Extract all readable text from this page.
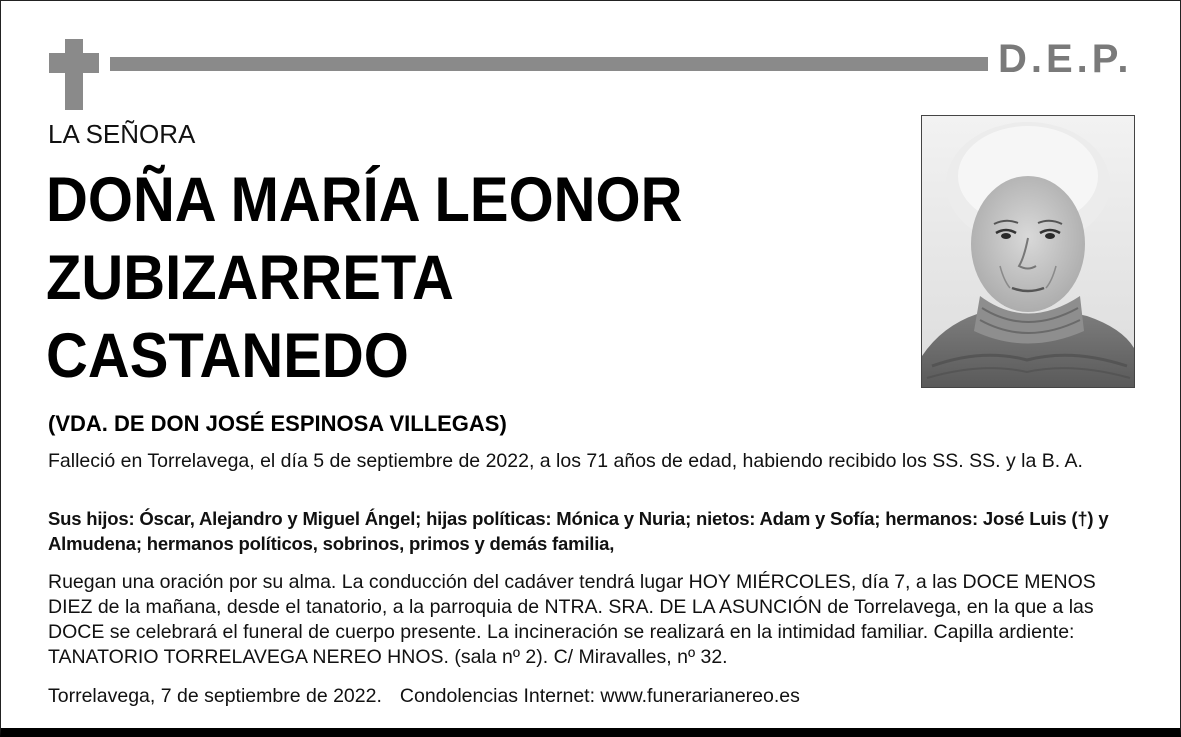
D.E.P.
LA SEÑORA
DOÑA MARÍA LEONOR
ZUBIZARRETA
CASTANEDO
(VDA. DE DON JOSÉ ESPINOSA VILLEGAS)
Falleció en Torrelavega, el día 5 de septiembre de 2022, a los 71 años de edad, habiendo recibido los SS. SS. y la B. A.
Sus hijos: Óscar, Alejandro y Miguel Ángel; hijas políticas: Mónica y Nuria; nietos: Adam y Sofía; hermanos: José Luis (†) y Almudena; hermanos políticos, sobrinos, primos y demás familia,
Ruegan una oración por su alma. La conducción del cadáver tendrá lugar HOY MIÉRCOLES, día 7, a las DOCE MENOS DIEZ de la mañana, desde el tanatorio, a la parroquia de NTRA. SRA. DE LA ASUNCIÓN de Torrelavega, en la que a las DOCE se celebrará el funeral de cuerpo presente. La incineración se realizará en la intimidad familiar. Capilla ardiente: TANATORIO TORRELAVEGA NEREO HNOS. (sala nº 2). C/ Miravalles, nº 32.
Torrelavega, 7 de septiembre de 2022. Condolencias Internet: www.funerarianereo.es
